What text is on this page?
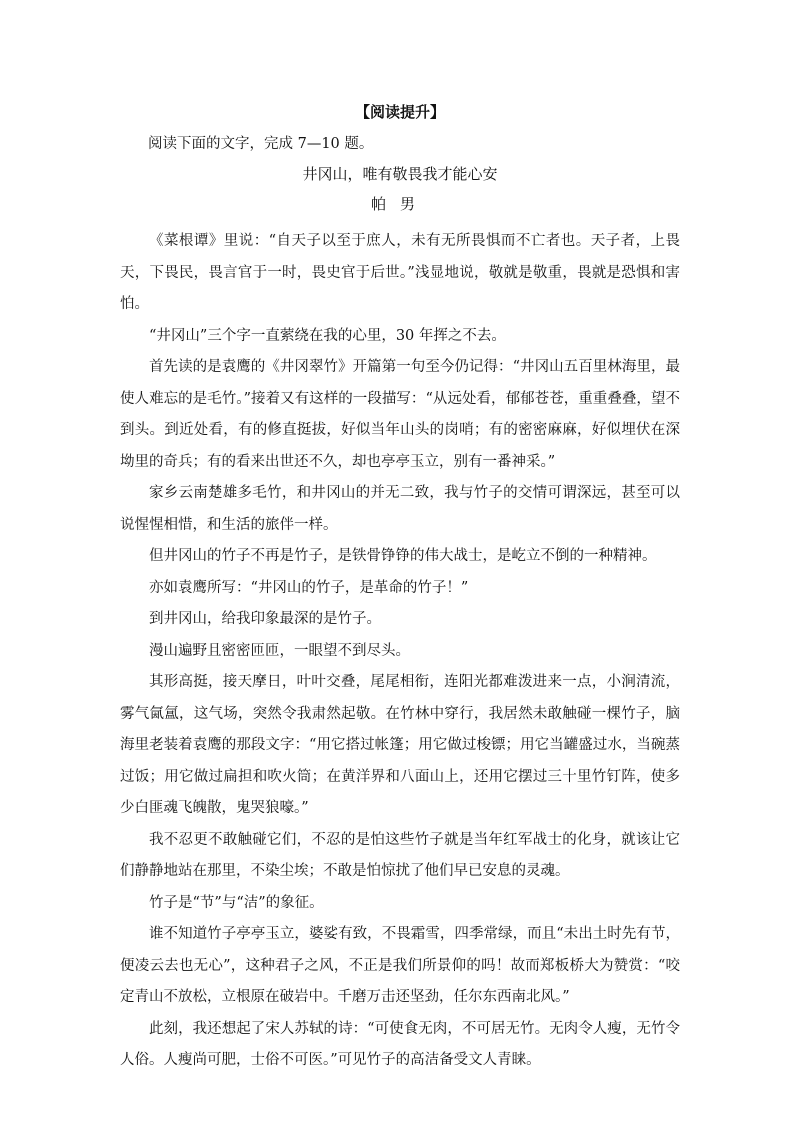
【阅读提升】
阅读下面的文字，完成 7—10 题。
井冈山，唯有敬畏我才能心安
帕男

《菜根谭》里说：“自天子以至于庶人，未有无所畏惧而不亡者也。天子者，上畏天，下畏民，畏言官于一时，畏史官于后世。”浅显地说，敬就是敬重，畏就是恐惧和害怕。

“井冈山”三个字一直萦绕在我的心里，30 年挥之不去。

首先读的是袁鹰的《井冈翠竹》开篇第一句至今仍记得：“井冈山五百里林海里，最使人难忘的是毛竹。”接着又有这样的一段描写：“从远处看，郁郁苍苍，重重叠叠，望不到头。到近处看，有的修直挺拔，好似当年山头的岗哨；有的密密麻麻，好似埋伏在深坳里的奇兵；有的看来出世还不久，却也亭亭玉立，别有一番神采。”

家乡云南楚雄多毛竹，和井冈山的并无二致，我与竹子的交情可谓深远，甚至可以说惺惺相惜，和生活的旅伴一样。

但井冈山的竹子不再是竹子，是铁骨铮铮的伟大战士，是屹立不倒的一种精神。

亦如袁鹰所写：“井冈山的竹子，是革命的竹子！”

到井冈山，给我印象最深的是竹子。

漫山遍野且密密匝匝，一眼望不到尽头。

其形高挺，接天摩日，叶叶交叠，尾尾相衔，连阳光都难泼进来一点，小涧清流，雾气氤氲，这气场，突然令我肃然起敬。在竹林中穿行，我居然未敢触碰一棵竹子，脑海里老装着袁鹰的那段文字：“用它搭过帐篷；用它做过梭镖；用它当罐盛过水，当碗蒸过饭；用它做过扁担和吹火筒；在黄洋界和八面山上，还用它摆过三十里竹钉阵，使多少白匪魂飞魄散，鬼哭狼嚎。”

我不忍更不敢触碰它们，不忍的是怕这些竹子就是当年红军战士的化身，就该让它们静静地站在那里，不染尘埃；不敢是怕惊扰了他们早已安息的灵魂。

竹子是“节”与“洁”的象征。

谁不知道竹子亭亭玉立，婆娑有致，不畏霜雪，四季常绿，而且“未出土时先有节，便凌云去也无心”，这种君子之风，不正是我们所景仰的吗！故而郑板桥大为赞赏：“咬定青山不放松，立根原在破岩中。千磨万击还坚劲，任尔东西南北风。”

此刻，我还想起了宋人苏轼的诗：“可使食无肉，不可居无竹。无肉令人瘦，无竹令人俗。人瘦尚可肥，士俗不可医。”可见竹子的高洁备受文人青睐。
